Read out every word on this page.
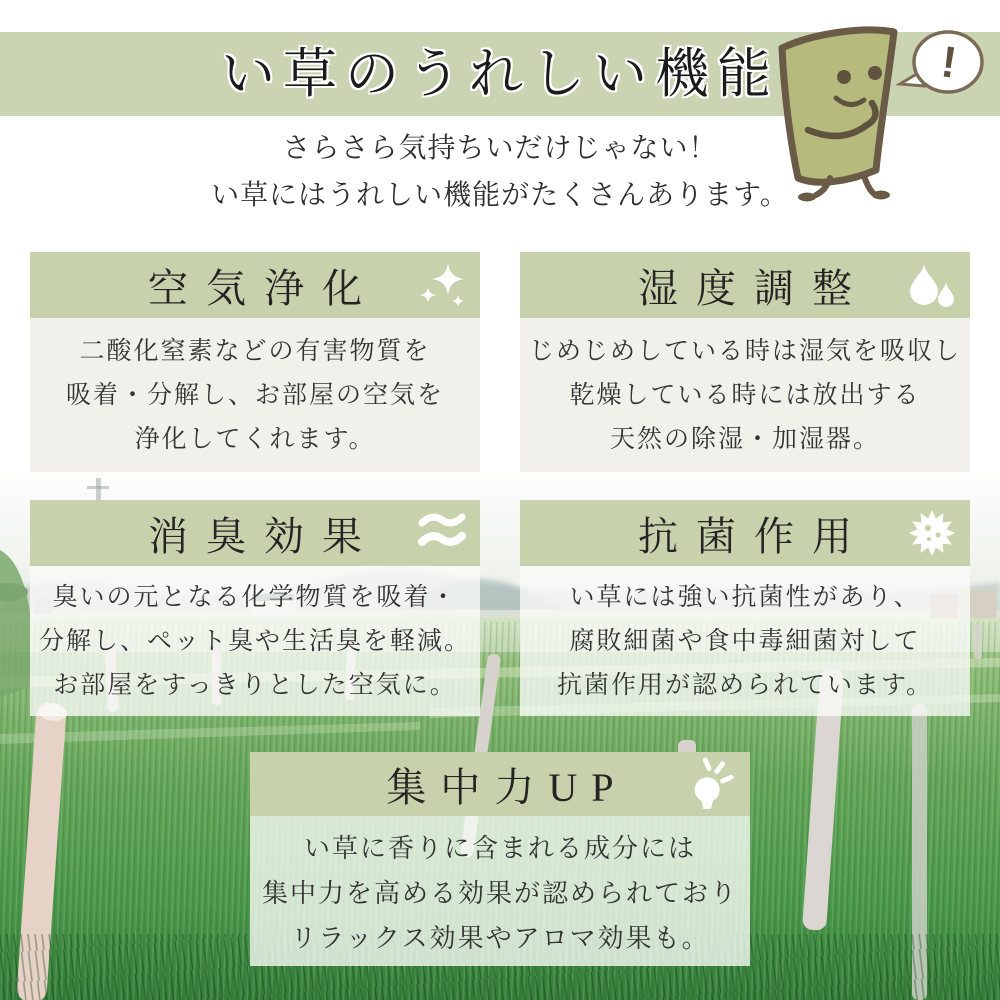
い草のうれしい機能

さらさら気持ちいだけじゃない！

い草にはうれしい機能がたくさんあります。

!
空気浄化

二酸化窒素などの有害物質を

吸着・分解し、お部屋の空気を

浄化してくれます。

湿度調整

じめじめしている時は湿気を吸収し

乾燥している時には放出する

天然の除湿・加湿器。

消臭効果

臭いの元となる化学物質を吸着・

分解し、ペット臭や生活臭を軽減。

お部屋をすっきりとした空気に。

抗菌作用

い草には強い抗菌性があり、

腐敗細菌や食中毒細菌対して

抗菌作用が認められています。

集中力UP

い草に香りに含まれる成分には

集中力を高める効果が認められており

リラックス効果やアロマ効果も。
